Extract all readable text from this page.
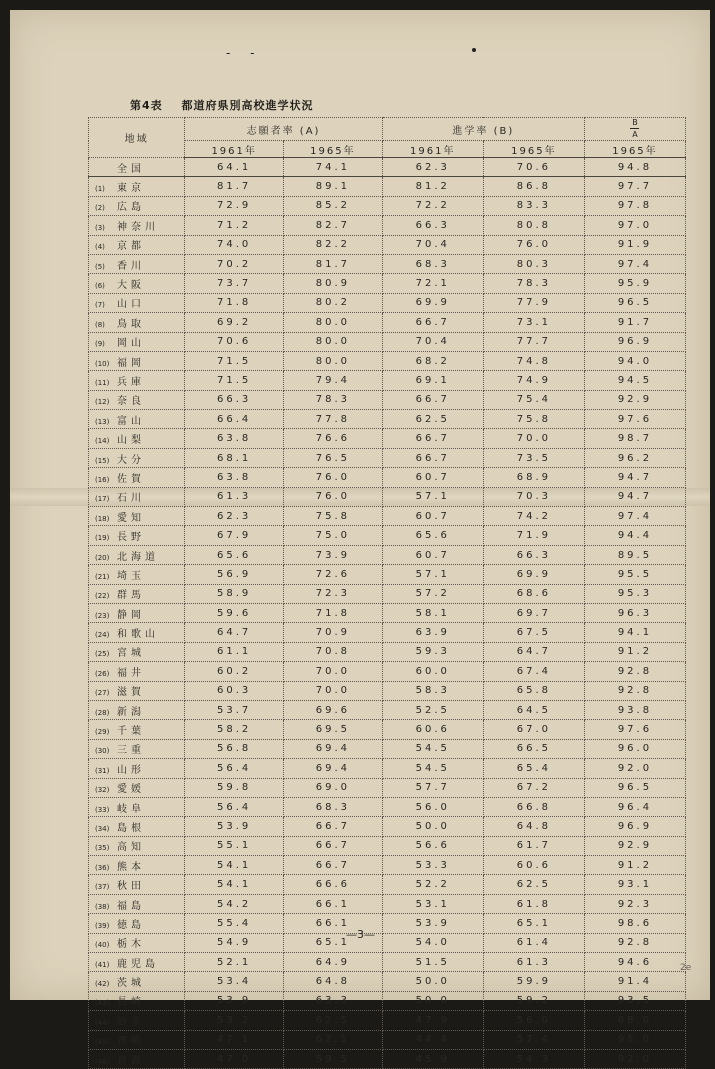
- -
第4表 都道府県別高校進学状況
地域	志願者率 (A)		進学率 (B)		$\frac{B}{A}$

	1961年	1965年	1961年	1965年	1965年
全国	64.1	74.1	62.3	70.6	94.8
(1) 東京	81.7	89.1	81.2	86.8	97.7
(2) 広島	72.9	85.2	72.2	83.3	97.8
(3) 神奈川	71.2	82.7	66.3	80.8	97.0
(4) 京都	74.0	82.2	70.4	76.0	91.9
(5) 香川	70.2	81.7	68.3	80.3	97.4
(6) 大阪	73.7	80.9	72.1	78.3	95.9
(7) 山口	71.8	80.2	69.9	77.9	96.5
(8) 鳥取	69.2	80.0	66.7	73.1	91.7
(9) 岡山	70.6	80.0	70.4	77.7	96.9
(10) 福岡	71.5	80.0	68.2	74.8	94.0
(11) 兵庫	71.5	79.4	69.1	74.9	94.5
(12) 奈良	66.3	78.3	66.7	75.4	92.9
(13) 富山	66.4	77.8	62.5	75.8	97.6
(14) 山梨	63.8	76.6	66.7	70.0	98.7
(15) 大分	68.1	76.5	66.7	73.5	96.2
(16) 佐賀	63.8	76.0	60.7	68.9	94.7
(17) 石川	61.3	76.0	57.1	70.3	94.7
(18) 愛知	62.3	75.8	60.7	74.2	97.4
(19) 長野	67.9	75.0	65.6	71.9	94.4
(20) 北海道	65.6	73.9	60.7	66.3	89.5
(21) 埼玉	56.9	72.6	57.1	69.9	95.5
(22) 群馬	58.9	72.3	57.2	68.6	95.3
(23) 静岡	59.6	71.8	58.1	69.7	96.3
(24) 和歌山	64.7	70.9	63.9	67.5	94.1
(25) 宮城	61.1	70.8	59.3	64.7	91.2
(26) 福井	60.2	70.0	60.0	67.4	92.8
(27) 滋賀	60.3	70.0	58.3	65.8	92.8
(28) 新潟	53.7	69.6	52.5	64.5	93.8
(29) 千葉	58.2	69.5	60.6	67.0	97.6
(30) 三重	56.8	69.4	54.5	66.5	96.0
(31) 山形	56.4	69.4	54.5	65.4	92.0
(32) 愛媛	59.8	69.0	57.7	67.2	96.5
(33) 岐阜	56.4	68.3	56.0	66.8	96.4
(34) 島根	53.9	66.7	50.0	64.8	96.9
(35) 高知	55.1	66.7	56.6	61.7	92.9
(36) 熊本	54.1	66.7	53.3	60.6	91.2
(37) 秋田	54.1	66.6	52.2	62.5	93.1
(38) 福島	54.2	66.1	53.1	61.8	92.3
(39) 徳島	55.4	66.1	53.9	65.1	98.6
(40) 栃木	54.9	65.1	54.0	61.4	92.8
(41) 鹿児島	52.1	64.9	51.5	61.3	94.6
(42) 茨城	53.4	64.8	50.0	59.9	91.4
(43) 長崎	53.9	63.3	50.0	59.2	93.5
(44) 岩手	53.2	62.5	47.9	56.0	88.0
(45) 宮崎	47.1	62.1	44.4	57.4	95.0
(46) 青森	47.0	59.5	45.9	54.3	92.0
—3—
2e
